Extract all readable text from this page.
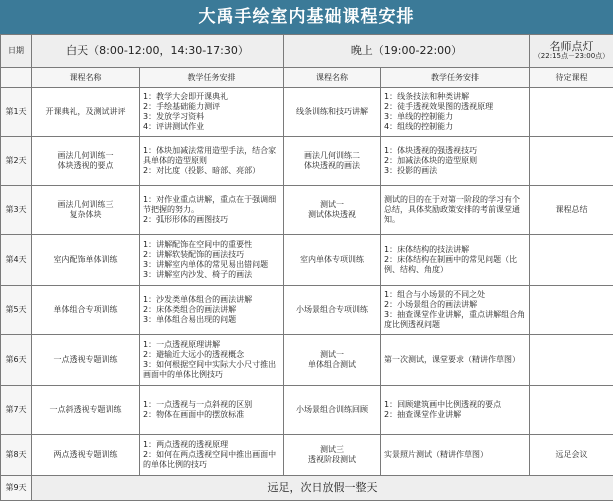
大禹手绘室内基础课程安排
日期	白天（8:00-12:00，14:30-17:30）		晚上（19:00-22:00）		名师点灯
（22:15点－23:00点）

	课程名称	教学任务安排	课程名称	教学任务安排	待定课程
第1天	开课典礼，及测试讲评	1：教学大会即开课典礼
2：手绘基础能力测评
3：发放学习资料
4：评讲测试作业	线条训练和技巧讲解	1：线条技法和种类讲解
2：徒手透视效果图的透视原理
3：单线的控制能力
4：组线的控制能力	
第2天	画法几何训练一
体块透视的要点	1：体块加减法常用造型手法，结合家具单体的造型原则
2：对比度（投影、暗部、亮部）	画法几何训练二
体块透视的画法	1：体块透视的强透视技巧
2：加减法体块的造型原则
3：投影的画法	
第3天	画法几何训练三
复杂体块	1：对作业重点讲解，重点在于强调细节把握的努力。
2：弧形形体的画图技巧	测试一
测试体块透视	测试的目的在于对第一阶段的学习有个总结，具体奖励政策安排的考前课堂通知。	课程总结
第4天	室内配饰单体训练	1：讲解配饰在空间中的重要性
2：讲解软装配饰的画法技巧
3：讲解室内单体的常见易出错问题
3：讲解室内沙发、椅子的画法	室内单体专项训练	1：床体结构的技法讲解
2：床体结构在制画中的常见问题（比例、结构、角度）	
第5天	单体组合专项训练	1：沙发类单体组合的画法讲解
2：床体类组合的画法讲解
3：单体组合易出现的问题	小场景组合专项训练	1：组合与小场景的不同之处
2：小场景组合的画法讲解
3：抽查课堂作业讲解，重点讲解组合角度比例透视问题	
第6天	一点透视专题训练	1：一点透视原理讲解
2：避输近大远小的透视概念
3：如何根据空间中实际大小尺寸推出画面中的单体比例技巧	测试一
单体组合测试	第一次测试，课堂要求（精讲作草图）	
第7天	一点斜透视专题训练	1：一点透视与一点斜视的区别
2：物体在画面中的摆放标准	小场景组合训练回顾	1：回顾建筑画中比例透视的要点
2：抽查课堂作业讲解	
第8天	两点透视专题训练	1：两点透视的透视原理
2：如何在两点透视空间中推出画面中的单体比例的技巧	测试三
透视阶段测试	实景照片测试（精讲作草图）	远足会议
第9天	远足，次日放假一整天				
